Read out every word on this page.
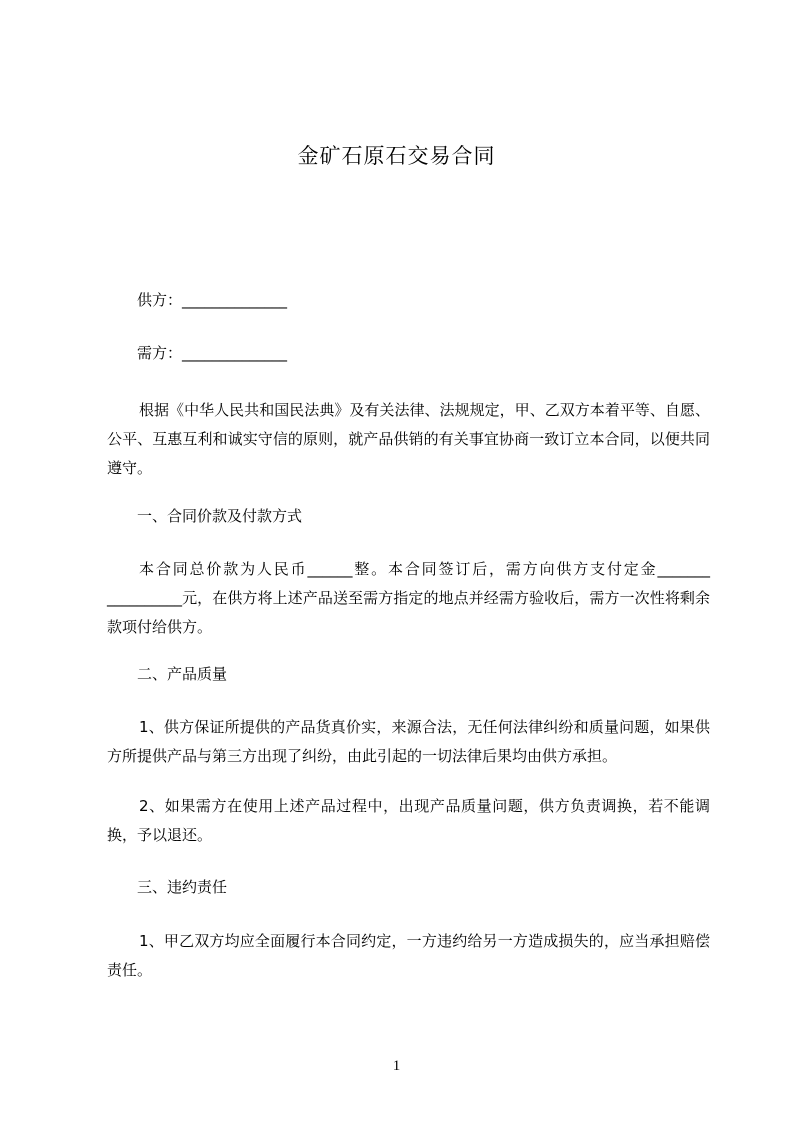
金矿石原石交易合同
供方：______________
需方：______________
根据《中华人民共和国民法典》及有关法律、法规规定，甲、乙双方本着平等、自愿、公平、互惠互利和诚实守信的原则，就产品供销的有关事宜协商一致订立本合同，以便共同遵守。
一、合同价款及付款方式
本合同总价款为人民币______整。本合同签订后，需方向供方支付定金_______ __________元，在供方将上述产品送至需方指定的地点并经需方验收后，需方一次性将剩余款项付给供方。
二、产品质量
1、供方保证所提供的产品货真价实，来源合法，无任何法律纠纷和质量问题，如果供方所提供产品与第三方出现了纠纷，由此引起的一切法律后果均由供方承担。
2、如果需方在使用上述产品过程中，出现产品质量问题，供方负责调换，若不能调换，予以退还。
三、违约责任
1、甲乙双方均应全面履行本合同约定，一方违约给另一方造成损失的，应当承担赔偿责任。
1
